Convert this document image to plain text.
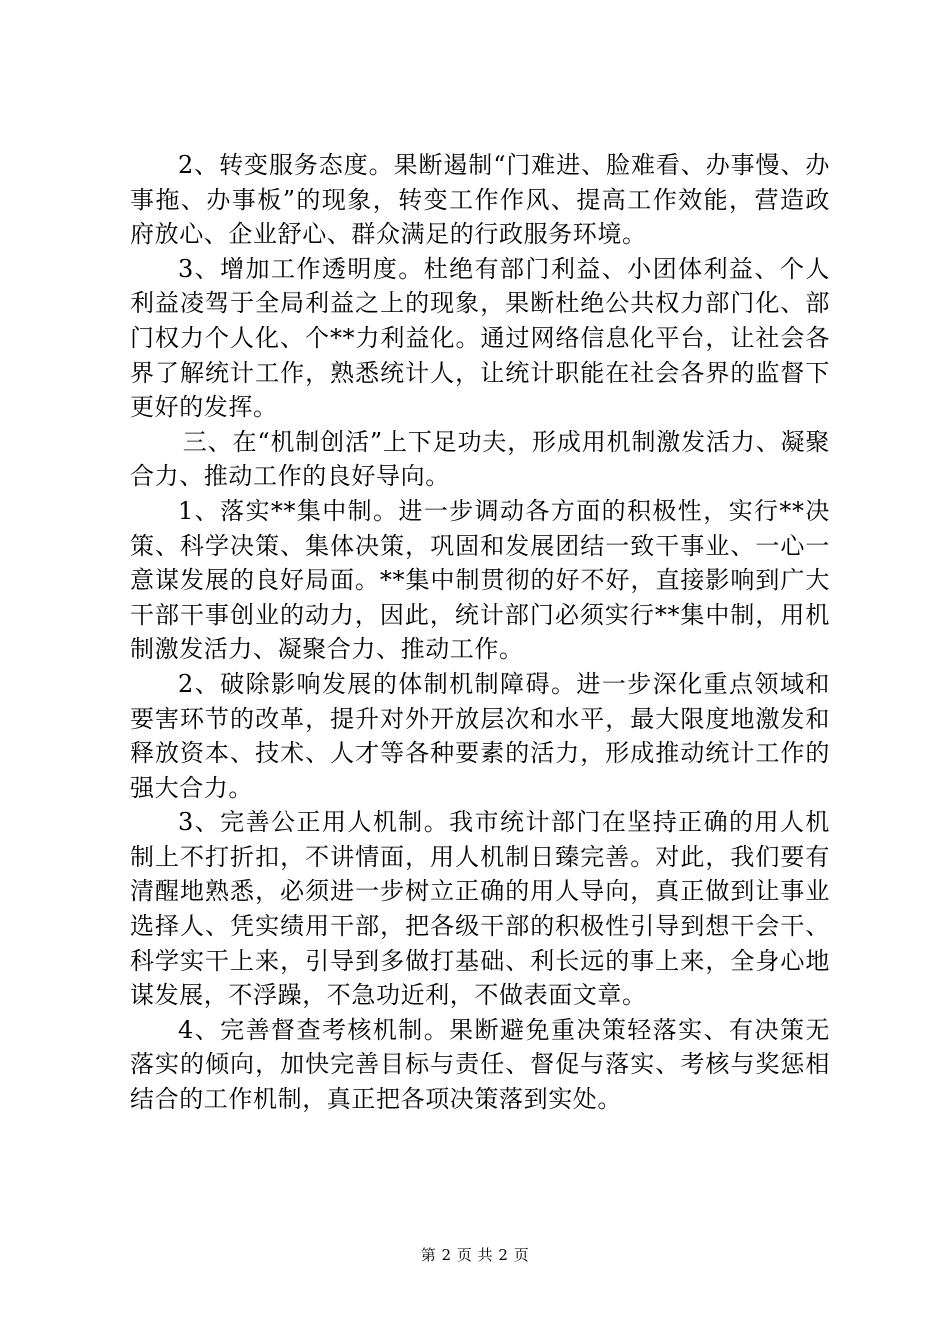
2、转变服务态度。果断遏制“门难进、脸难看、办事慢、办事拖、办事板”的现象，转变工作作风、提高工作效能，营造政府放心、企业舒心、群众满足的行政服务环境。

3、增加工作透明度。杜绝有部门利益、小团体利益、个人利益凌驾于全局利益之上的现象，果断杜绝公共权力部门化、部门权力个人化、个**力利益化。通过网络信息化平台，让社会各界了解统计工作，熟悉统计人，让统计职能在社会各界的监督下更好的发挥。

三、在“机制创活”上下足功夫，形成用机制激发活力、凝聚合力、推动工作的良好导向。

1、落实**集中制。进一步调动各方面的积极性，实行**决策、科学决策、集体决策，巩固和发展团结一致干事业、一心一意谋发展的良好局面。**集中制贯彻的好不好，直接影响到广大干部干事创业的动力，因此，统计部门必须实行**集中制，用机制激发活力、凝聚合力、推动工作。

2、破除影响发展的体制机制障碍。进一步深化重点领域和要害环节的改革，提升对外开放层次和水平，最大限度地激发和释放资本、技术、人才等各种要素的活力，形成推动统计工作的强大合力。

3、完善公正用人机制。我市统计部门在坚持正确的用人机制上不打折扣，不讲情面，用人机制日臻完善。对此，我们要有清醒地熟悉，必须进一步树立正确的用人导向，真正做到让事业选择人、凭实绩用干部，把各级干部的积极性引导到想干会干、科学实干上来，引导到多做打基础、利长远的事上来，全身心地谋发展，不浮躁，不急功近利，不做表面文章。

4、完善督查考核机制。果断避免重决策轻落实、有决策无落实的倾向，加快完善目标与责任、督促与落实、考核与奖惩相结合的工作机制，真正把各项决策落到实处。

第 2 页 共 2 页
